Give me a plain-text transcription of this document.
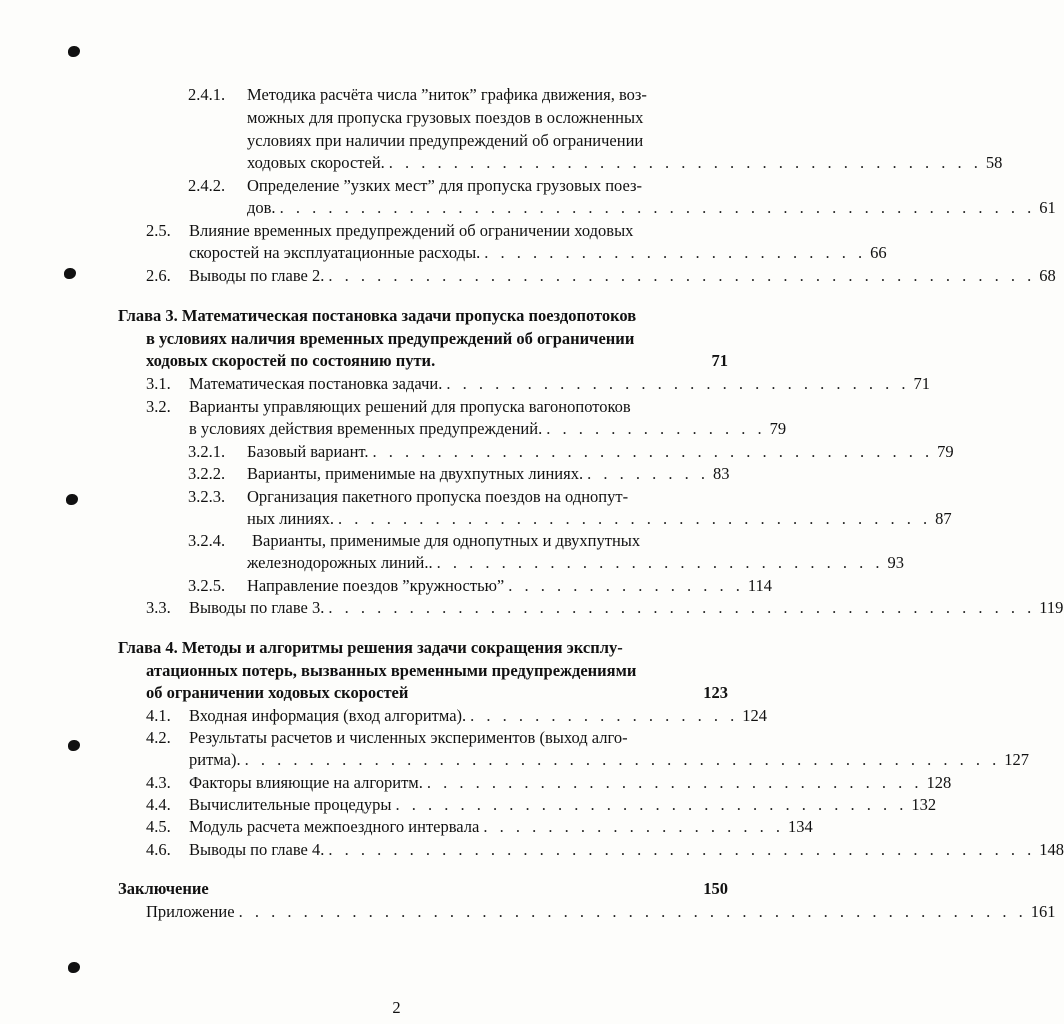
2.4.1. Методика расчёта числа ”ниток” графика движения, воз-
можных для пропуска грузовых поездов в осложненных
условиях при наличии предупреждений об ограничении
ходовых скоростей. . . . . . . . . . . . . . . . . . . . . . . . . . . . . . . . . . . . . . 58
2.4.2. Определение ”узких мест” для пропуска грузовых поез-
дов. . . . . . . . . . . . . . . . . . . . . . . . . . . . . . . . . . . . . . . . . . . . . . . . 61
2.5. Влияние временных предупреждений об ограничении ходовых
скоростей на эксплуатационные расходы. . . . . . . . . . . . . . . . . . . . . . . . . 66
2.6. Выводы по главе 2. . . . . . . . . . . . . . . . . . . . . . . . . . . . . . . . . . . . . . . . . . . . . 68
Глава 3. Математическая постановка задачи пропуска поездопотоков
в условиях наличия временных предупреждений об ограничении
ходовых скоростей по состоянию пути.	71
3.1. Математическая постановка задачи. . . . . . . . . . . . . . . . . . . . . . . . . . . . . . 71
3.2. Варианты управляющих решений для пропуска вагонопотоков
в условиях действия временных предупреждений. . . . . . . . . . . . . . . 79
3.2.1. Базовый вариант. . . . . . . . . . . . . . . . . . . . . . . . . . . . . . . . . . . . 79
3.2.2. Варианты, применимые на двухпутных линиях. . . . . . . . . 83
3.2.3. Организация пакетного пропуска поездов на однопут-
ных линиях. . . . . . . . . . . . . . . . . . . . . . . . . . . . . . . . . . . . . . 87
3.2.4. Варианты, применимые для однопутных и двухпутных
железнодорожных линий.. . . . . . . . . . . . . . . . . . . . . . . . . . . . . 93
3.2.5. Направление поездов ”кружностью” . . . . . . . . . . . . . . . 114
3.3. Выводы по главе 3. . . . . . . . . . . . . . . . . . . . . . . . . . . . . . . . . . . . . . . . . . . . . 119
Глава 4. Методы и алгоритмы решения задачи сокращения эксплу-
атационных потерь, вызванных временными предупреждениями
об ограничении ходовых скоростей	123
4.1. Входная информация (вход алгоритма). . . . . . . . . . . . . . . . . . 124
4.2. Результаты расчетов и численных экспериментов (выход алго-
ритма). . . . . . . . . . . . . . . . . . . . . . . . . . . . . . . . . . . . . . . . . . . . . . . . 127
4.3. Факторы влияющие на алгоритм. . . . . . . . . . . . . . . . . . . . . . . . . . . . . . . . 128
4.4. Вычислительные процедуры . . . . . . . . . . . . . . . . . . . . . . . . . . . . . . . . 132
4.5. Модуль расчета межпоездного интервала . . . . . . . . . . . . . . . . . . . 134
4.6. Выводы по главе 4. . . . . . . . . . . . . . . . . . . . . . . . . . . . . . . . . . . . . . . . . . . . . 148
Заключение	150
Приложение . . . . . . . . . . . . . . . . . . . . . . . . . . . . . . . . . . . . . . . . . . . . . . . . . 161
2
